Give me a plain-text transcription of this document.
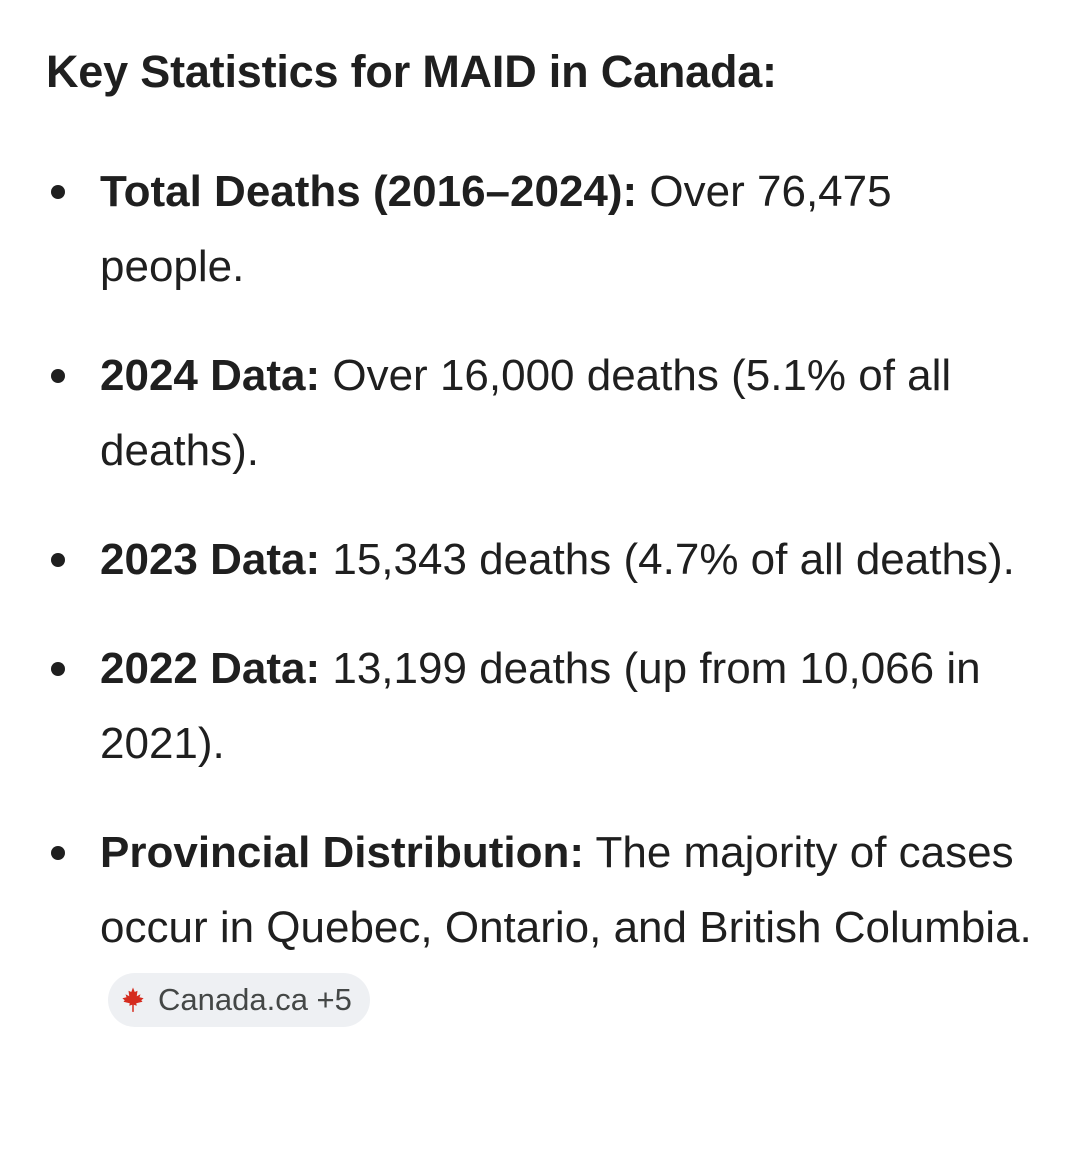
Key Statistics for MAID in Canada:
Total Deaths (2016–2024): Over 76,475 people.
2024 Data: Over 16,000 deaths (5.1% of all deaths).
2023 Data: 15,343 deaths (4.7% of all deaths).
2022 Data: 13,199 deaths (up from 10,066 in 2021).
Provincial Distribution: The majority of cases occur in Quebec, Ontario, and British Columbia.
Canada.ca +5
